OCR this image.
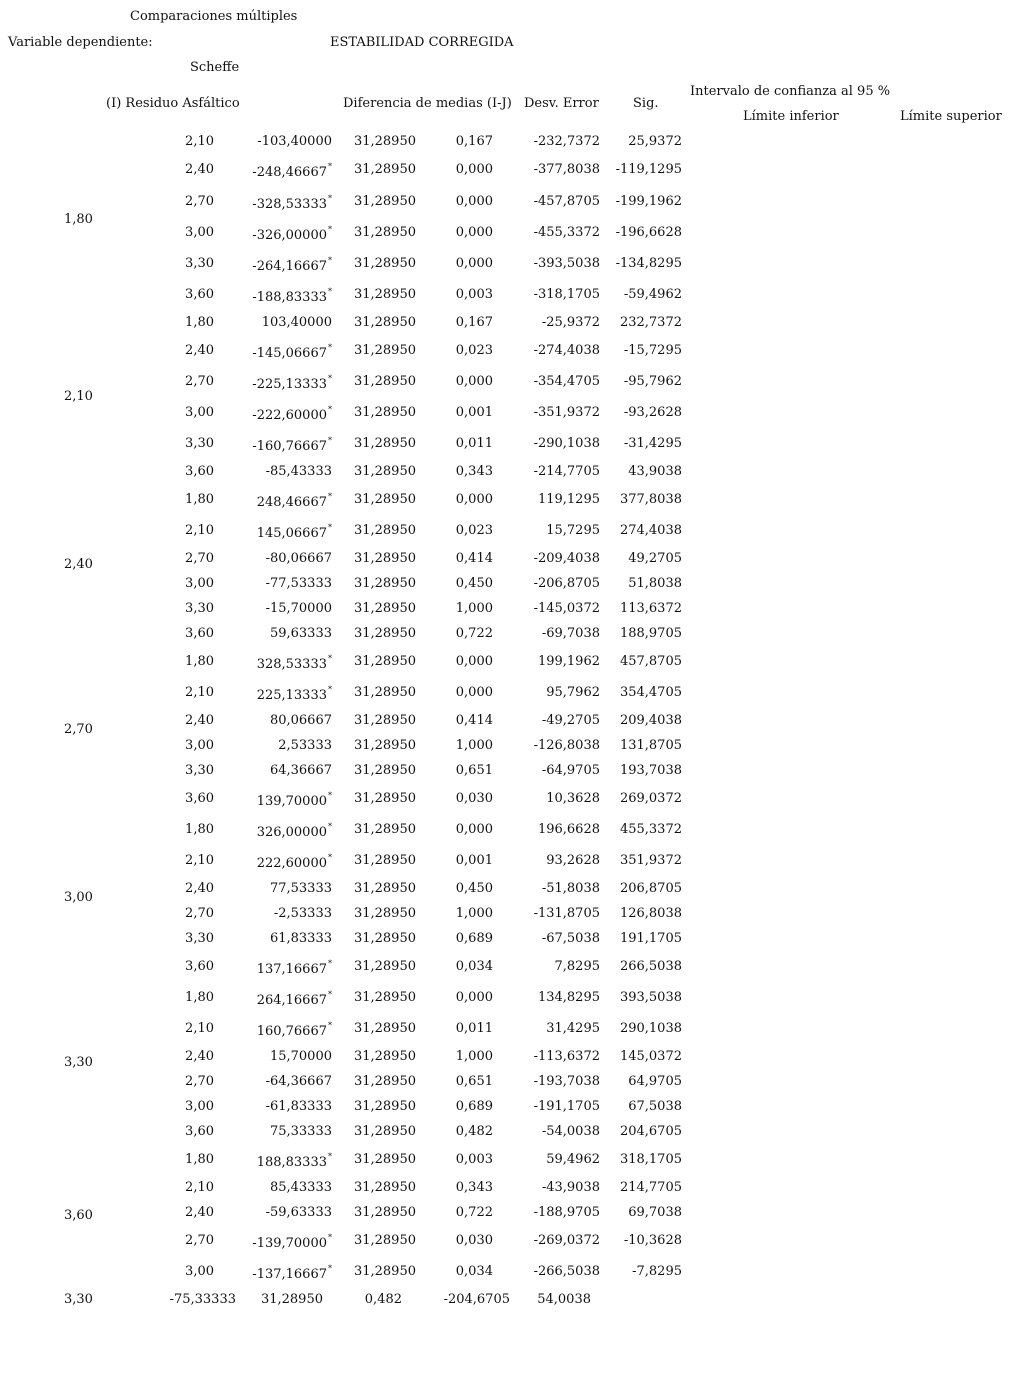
Comparaciones múltiples
Variable dependiente:	ESTABILIDAD CORREGIDA
Scheffe
(I) Residuo Asfáltico	Diferencia de medias (I-J) Desv. Error	Sig.
Intervalo de confianza al 95 %
Límite inferior	Límite superior
1,80
2,10	-103,40000	31,28950	0,167	-232,7372	25,9372
2,40	-248,46667*	31,28950	0,000	-377,8038	-119,1295
2,70	-328,53333*	31,28950	0,000	-457,8705	-199,1962
3,00	-326,00000*	31,28950	0,000	-455,3372	-196,6628
3,30	-264,16667*	31,28950	0,000	-393,5038	-134,8295
3,60	-188,83333*	31,28950	0,003	-318,1705	-59,4962
2,10
1,80	103,40000	31,28950	0,167	-25,9372	232,7372
2,40	-145,06667*	31,28950	0,023	-274,4038	-15,7295
2,70	-225,13333*	31,28950	0,000	-354,4705	-95,7962
3,00	-222,60000*	31,28950	0,001	-351,9372	-93,2628
3,30	-160,76667*	31,28950	0,011	-290,1038	-31,4295
3,60	-85,43333	31,28950	0,343	-214,7705	43,9038
2,40
1,80	248,46667*	31,28950	0,000	119,1295	377,8038
2,10	145,06667*	31,28950	0,023	15,7295	274,4038
2,70	-80,06667	31,28950	0,414	-209,4038	49,2705
3,00	-77,53333	31,28950	0,450	-206,8705	51,8038
3,30	-15,70000	31,28950	1,000	-145,0372	113,6372
3,60	59,63333	31,28950	0,722	-69,7038	188,9705
2,70
1,80	328,53333*	31,28950	0,000	199,1962	457,8705
2,10	225,13333*	31,28950	0,000	95,7962	354,4705
2,40	80,06667	31,28950	0,414	-49,2705	209,4038
3,00	2,53333	31,28950	1,000	-126,8038	131,8705
3,30	64,36667	31,28950	0,651	-64,9705	193,7038
3,60	139,70000*	31,28950	0,030	10,3628	269,0372
3,00
1,80	326,00000*	31,28950	0,000	196,6628	455,3372
2,10	222,60000*	31,28950	0,001	93,2628	351,9372
2,40	77,53333	31,28950	0,450	-51,8038	206,8705
2,70	-2,53333	31,28950	1,000	-131,8705	126,8038
3,30	61,83333	31,28950	0,689	-67,5038	191,1705
3,60	137,16667*	31,28950	0,034	7,8295	266,5038
3,30
1,80	264,16667*	31,28950	0,000	134,8295	393,5038
2,10	160,76667*	31,28950	0,011	31,4295	290,1038
2,40	15,70000	31,28950	1,000	-113,6372	145,0372
2,70	-64,36667	31,28950	0,651	-193,7038	64,9705
3,00	-61,83333	31,28950	0,689	-191,1705	67,5038
3,60	75,33333	31,28950	0,482	-54,0038	204,6705
3,60
1,80	188,83333*	31,28950	0,003	59,4962	318,1705
2,10	85,43333	31,28950	0,343	-43,9038	214,7705
2,40	-59,63333	31,28950	0,722	-188,9705	69,7038
2,70	-139,70000*	31,28950	0,030	-269,0372	-10,3628
3,00	-137,16667*	31,28950	0,034	-266,5038	-7,8295
3,30	-75,33333	31,28950	0,482	-204,6705	54,0038
